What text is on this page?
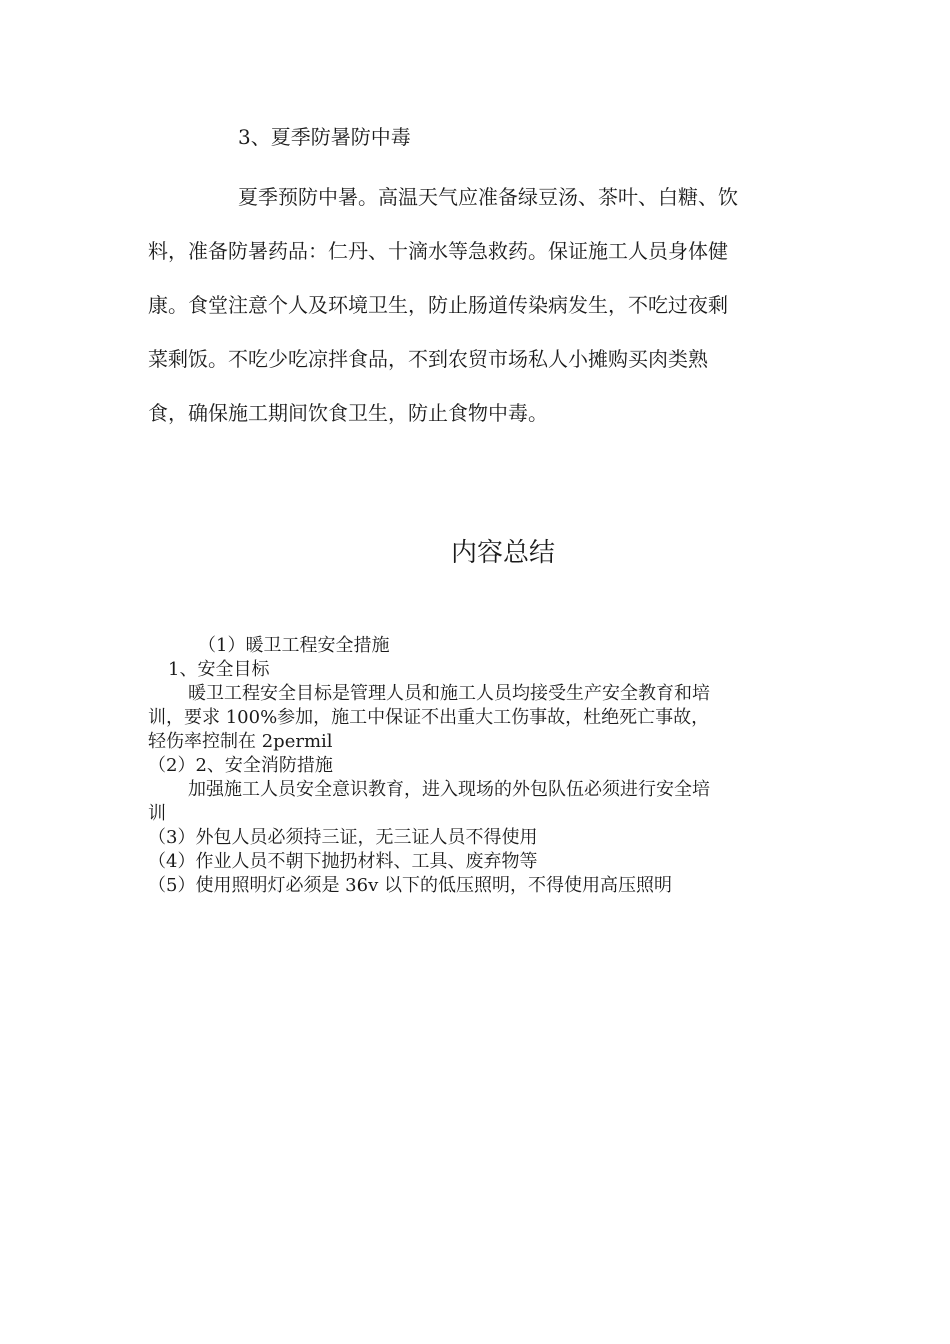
3、夏季防暑防中毒

夏季预防中暑。高温天气应准备绿豆汤、茶叶、白糖、饮
料，准备防暑药品：仁丹、十滴水等急救药。保证施工人员身体健
康。食堂注意个人及环境卫生，防止肠道传染病发生，不吃过夜剩
菜剩饭。不吃少吃凉拌食品，不到农贸市场私人小摊购买肉类熟
食，确保施工期间饮食卫生，防止食物中毒。

内容总结
（1）暖卫工程安全措施
1、安全目标
暖卫工程安全目标是管理人员和施工人员均接受生产安全教育和培
训，要求 100%参加，施工中保证不出重大工伤事故，杜绝死亡事故，
轻伤率控制在 2permil
（2）2、安全消防措施
加强施工人员安全意识教育，进入现场的外包队伍必须进行安全培
训
（3）外包人员必须持三证，无三证人员不得使用
（4）作业人员不朝下抛扔材料、工具、废弃物等
（5）使用照明灯必须是 36v 以下的低压照明，不得使用高压照明
